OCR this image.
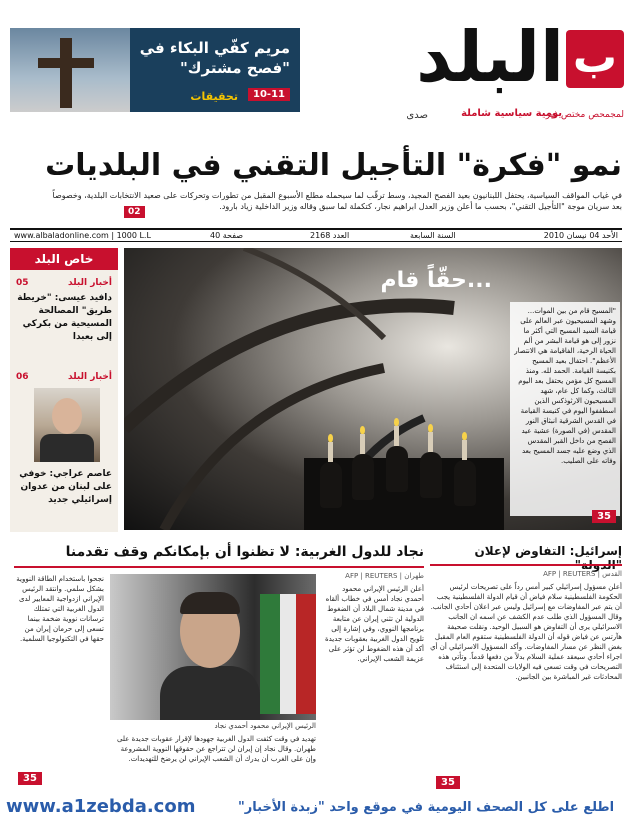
ب
البلد
يومية سياسية شاملة
لمجمحص مختص غير
صدى
مريم كفّي البكاء في "فصح مشترك"
تحقيقات	10-11
نمو "فكرة" التأجيل التقني في البلديات
في غياب المواقف السياسية، يحتفل اللبنانيون بعيد الفصح المجيد، وسط ترقّب لما سيحمله مطلع الأسبوع المقبل من تطورات وتحركات على صعيد الانتخابات البلدية، وخصوصاً بعد سريان موجة "التأجيل التقني"، بحسب ما أعلن وزير العدل ابراهيم نجار، كتكملة لما سبق وقاله وزير الداخلية زياد بارود.
02
www.albaladonline.com | 1000 L.L	40 صفحة	العدد 2168	السنة السابعة	الأحد 04 نيسان 2010
خاص البلد
أخبار البلد
05
دافيد عيسى: "خريطة طريق" المصالحة المسيحية من بكركي إلى بعبدا
أخبار البلد
06
عاصم عراجي: خوفي على لبنان من عدوان إسرائيلي جديد
حقّاً قام...
"المسيح قام من بين الموات... وشهد المسيحيون عبر العالم على قيامة السيد المسيح التي أكثر ما نزور إلى هو قيامة البشر من ألم الحياة الرخية، الفاقيامة هي الانتصار الأعظم". احتفال بعيد المسيح بكنيسة القيامة. الحمد لله. ومنذ المسيح كل مؤمن يحتفل بعد اليوم الثالث، وكما كل عام، شهد المسيحيون الارثوذكس الذين اسطففوا اليوم في كنيسة القيامة في القدس الشرقية انبثاق النور المقدس (في الصورة) عشية عيد الفصح من داخل القبر المقدس الذي وضع عليه جسد المسيح بعد وفاته على الصليب.
35
إسرائيل: التفاوض لإعلان
القدس | AFP | REUTERS
أعلن مسؤول إسرائيلي كبير أمس رداً على تصريحات لرئيس الحكومة الفلسطينية سلام فياض أن قيام الدولة الفلسطينية يجب أن يتم عبر المفاوضات مع إسرائيل وليس عبر اعلان أحادي الجانب. وقال المسؤول الذي طلب عدم الكشف عن اسمه ان الجانب الاسرائيلي يرى أن التفاوض هو السبيل الوحيد. ونقلت صحيفة هآرتس عن فياض قوله أن الدولة الفلسطينية ستقوم العام المقبل بغض النظر عن مسار المفاوضات. وأكد المسؤول الاسرائيلي أن أي اجراء أحادي سيعقد عملية السلام بدلاً من دفعها قدماً. وتأتي هذه التصريحات في وقت تسعى فيه الولايات المتحدة إلى استئناف المحادثات غير المباشرة بين الجانبين.
35
نجاد للدول الغربية: لا تظنوا أن بإمكانكم وقف تقدمنا
طهران | AFP | REUTERS
أعلن الرئيس الإيراني محمود أحمدي نجاد أمس في خطاب ألقاه في مدينة شمال البلاد أن الضغوط الدولية لن تثني إيران عن متابعة برنامجها النووي، وفي إشارة إلى تلويح الدول الغربية بعقوبات جديدة أكد أن هذه الضغوط لن تؤثر على عزيمة الشعب الإيراني.
الرئيس الإيراني محمود أحمدي نجاد
تهديد في وقت كثفت الدول الغربية جهودها لإقرار عقوبات جديدة على طهران. وقال نجاد إن إيران لن تتراجع عن حقوقها النووية المشروعة وإن على الغرب أن يدرك أن الشعب الإيراني لن يرضخ للتهديدات.
نجحوا باستخدام الطاقة النووية بشكل سلمي. وانتقد الرئيس الإيراني ازدواجية المعايير لدى الدول الغربية التي تمتلك ترسانات نووية ضخمة بينما تسعى إلى حرمان إيران من حقها في التكنولوجيا السلمية.
35
www.a1zebda.com	اطلع على كل الصحف اليومية في موقع واحد "زبدة الأخبار"
